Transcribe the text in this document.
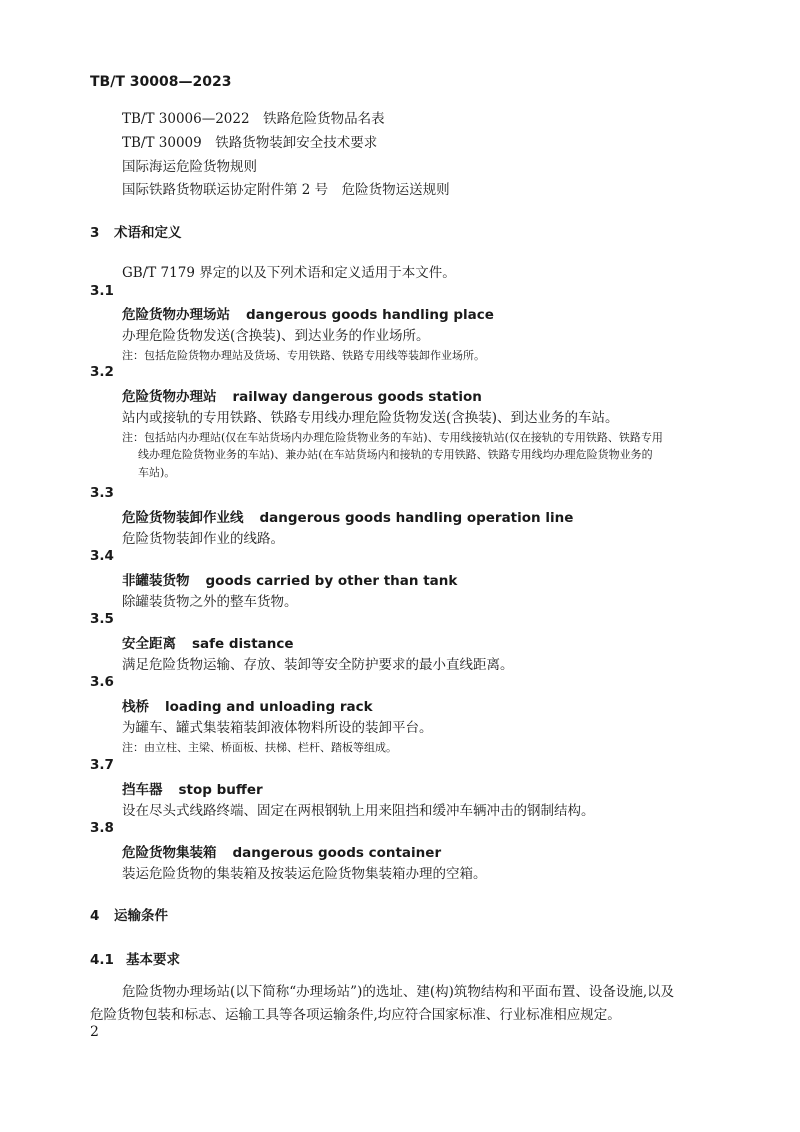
TB/T 30008—2023
TB/T 30006—2022　铁路危险货物品名表
TB/T 30009　铁路货物装卸安全技术要求
国际海运危险货物规则
国际铁路货物联运协定附件第 2 号　危险货物运送规则
3 术语和定义
GB/T 7179 界定的以及下列术语和定义适用于本文件。
3.1
危险货物办理场站 dangerous goods handling place
办理危险货物发送(含换装)、到达业务的作业场所。
注：包括危险货物办理站及货场、专用铁路、铁路专用线等装卸作业场所。
3.2
危险货物办理站 railway dangerous goods station
站内或接轨的专用铁路、铁路专用线办理危险货物发送(含换装)、到达业务的车站。
注：包括站内办理站(仅在车站货场内办理危险货物业务的车站)、专用线接轨站(仅在接轨的专用铁路、铁路专用
线办理危险货物业务的车站)、兼办站(在车站货场内和接轨的专用铁路、铁路专用线均办理危险货物业务的
车站)。
3.3
危险货物装卸作业线 dangerous goods handling operation line
危险货物装卸作业的线路。
3.4
非罐装货物 goods carried by other than tank
除罐装货物之外的整车货物。
3.5
安全距离 safe distance
满足危险货物运输、存放、装卸等安全防护要求的最小直线距离。
3.6
栈桥 loading and unloading rack
为罐车、罐式集装箱装卸液体物料所设的装卸平台。
注：由立柱、主梁、桥面板、扶梯、栏杆、踏板等组成。
3.7
挡车器 stop buffer
设在尽头式线路终端、固定在两根钢轨上用来阻挡和缓冲车辆冲击的钢制结构。
3.8
危险货物集装箱 dangerous goods container
装运危险货物的集装箱及按装运危险货物集装箱办理的空箱。
4 运输条件
4.1 基本要求
危险货物办理场站(以下简称“办理场站”)的选址、建(构)筑物结构和平面布置、设备设施,以及
危险货物包装和标志、运输工具等各项运输条件,均应符合国家标准、行业标准相应规定。
2
